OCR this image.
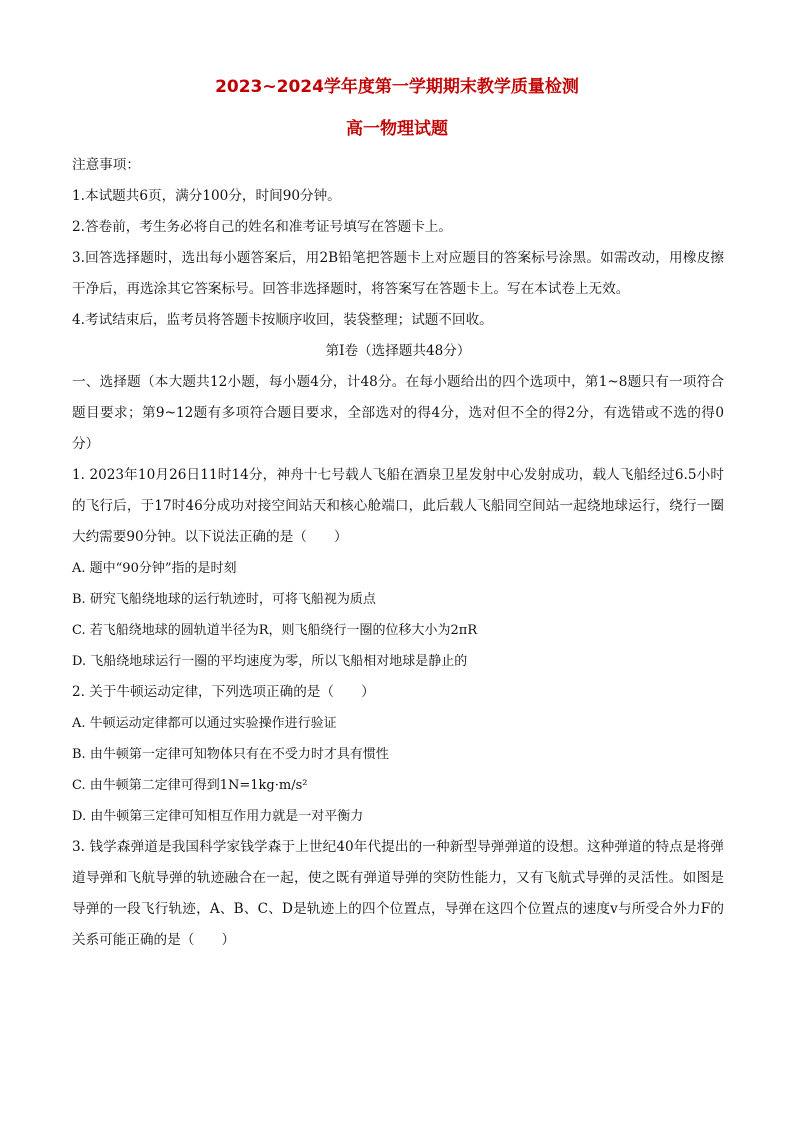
2023~2024学年度第一学期期末教学质量检测
高一物理试题

注意事项：

1.本试题共6页，满分100分，时间90分钟。

2.答卷前，考生务必将自己的姓名和准考证号填写在答题卡上。

3.回答选择题时，选出每小题答案后，用2B铅笔把答题卡上对应题目的答案标号涂黑。如需改动，用橡皮擦干净后，再选涂其它答案标号。回答非选择题时，将答案写在答题卡上。写在本试卷上无效。

4.考试结束后，监考员将答题卡按顺序收回，装袋整理；试题不回收。

第Ⅰ卷（选择题共48分）

一、选择题（本大题共12小题，每小题4分，计48分。在每小题给出的四个选项中，第1~8题只有一项符合题目要求；第9~12题有多项符合题目要求，全部选对的得4分，选对但不全的得2分，有选错或不选的得0分）

1. 2023年10月26日11时14分，神舟十七号载人飞船在酒泉卫星发射中心发射成功，载人飞船经过6.5小时的飞行后，于17时46分成功对接空间站天和核心舱端口，此后载人飞船同空间站一起绕地球运行，绕行一圈大约需要90分钟。以下说法正确的是（　　）

A. 题中“90分钟”指的是时刻

B. 研究飞船绕地球的运行轨迹时，可将飞船视为质点

C. 若飞船绕地球的圆轨道半径为R，则飞船绕行一圈的位移大小为2πR

D. 飞船绕地球运行一圈的平均速度为零，所以飞船相对地球是静止的

2. 关于牛顿运动定律，下列选项正确的是（　　）

A. 牛顿运动定律都可以通过实验操作进行验证

B. 由牛顿第一定律可知物体只有在不受力时才具有惯性

C. 由牛顿第二定律可得到1N=1kg·m/s²

D. 由牛顿第三定律可知相互作用力就是一对平衡力

3. 钱学森弹道是我国科学家钱学森于上世纪40年代提出的一种新型导弹弹道的设想。这种弹道的特点是将弹道导弹和飞航导弹的轨迹融合在一起，使之既有弹道导弹的突防性能力，又有飞航式导弹的灵活性。如图是导弹的一段飞行轨迹，A、B、C、D是轨迹上的四个位置点，导弹在这四个位置点的速度v与所受合外力F的关系可能正确的是（　　）
